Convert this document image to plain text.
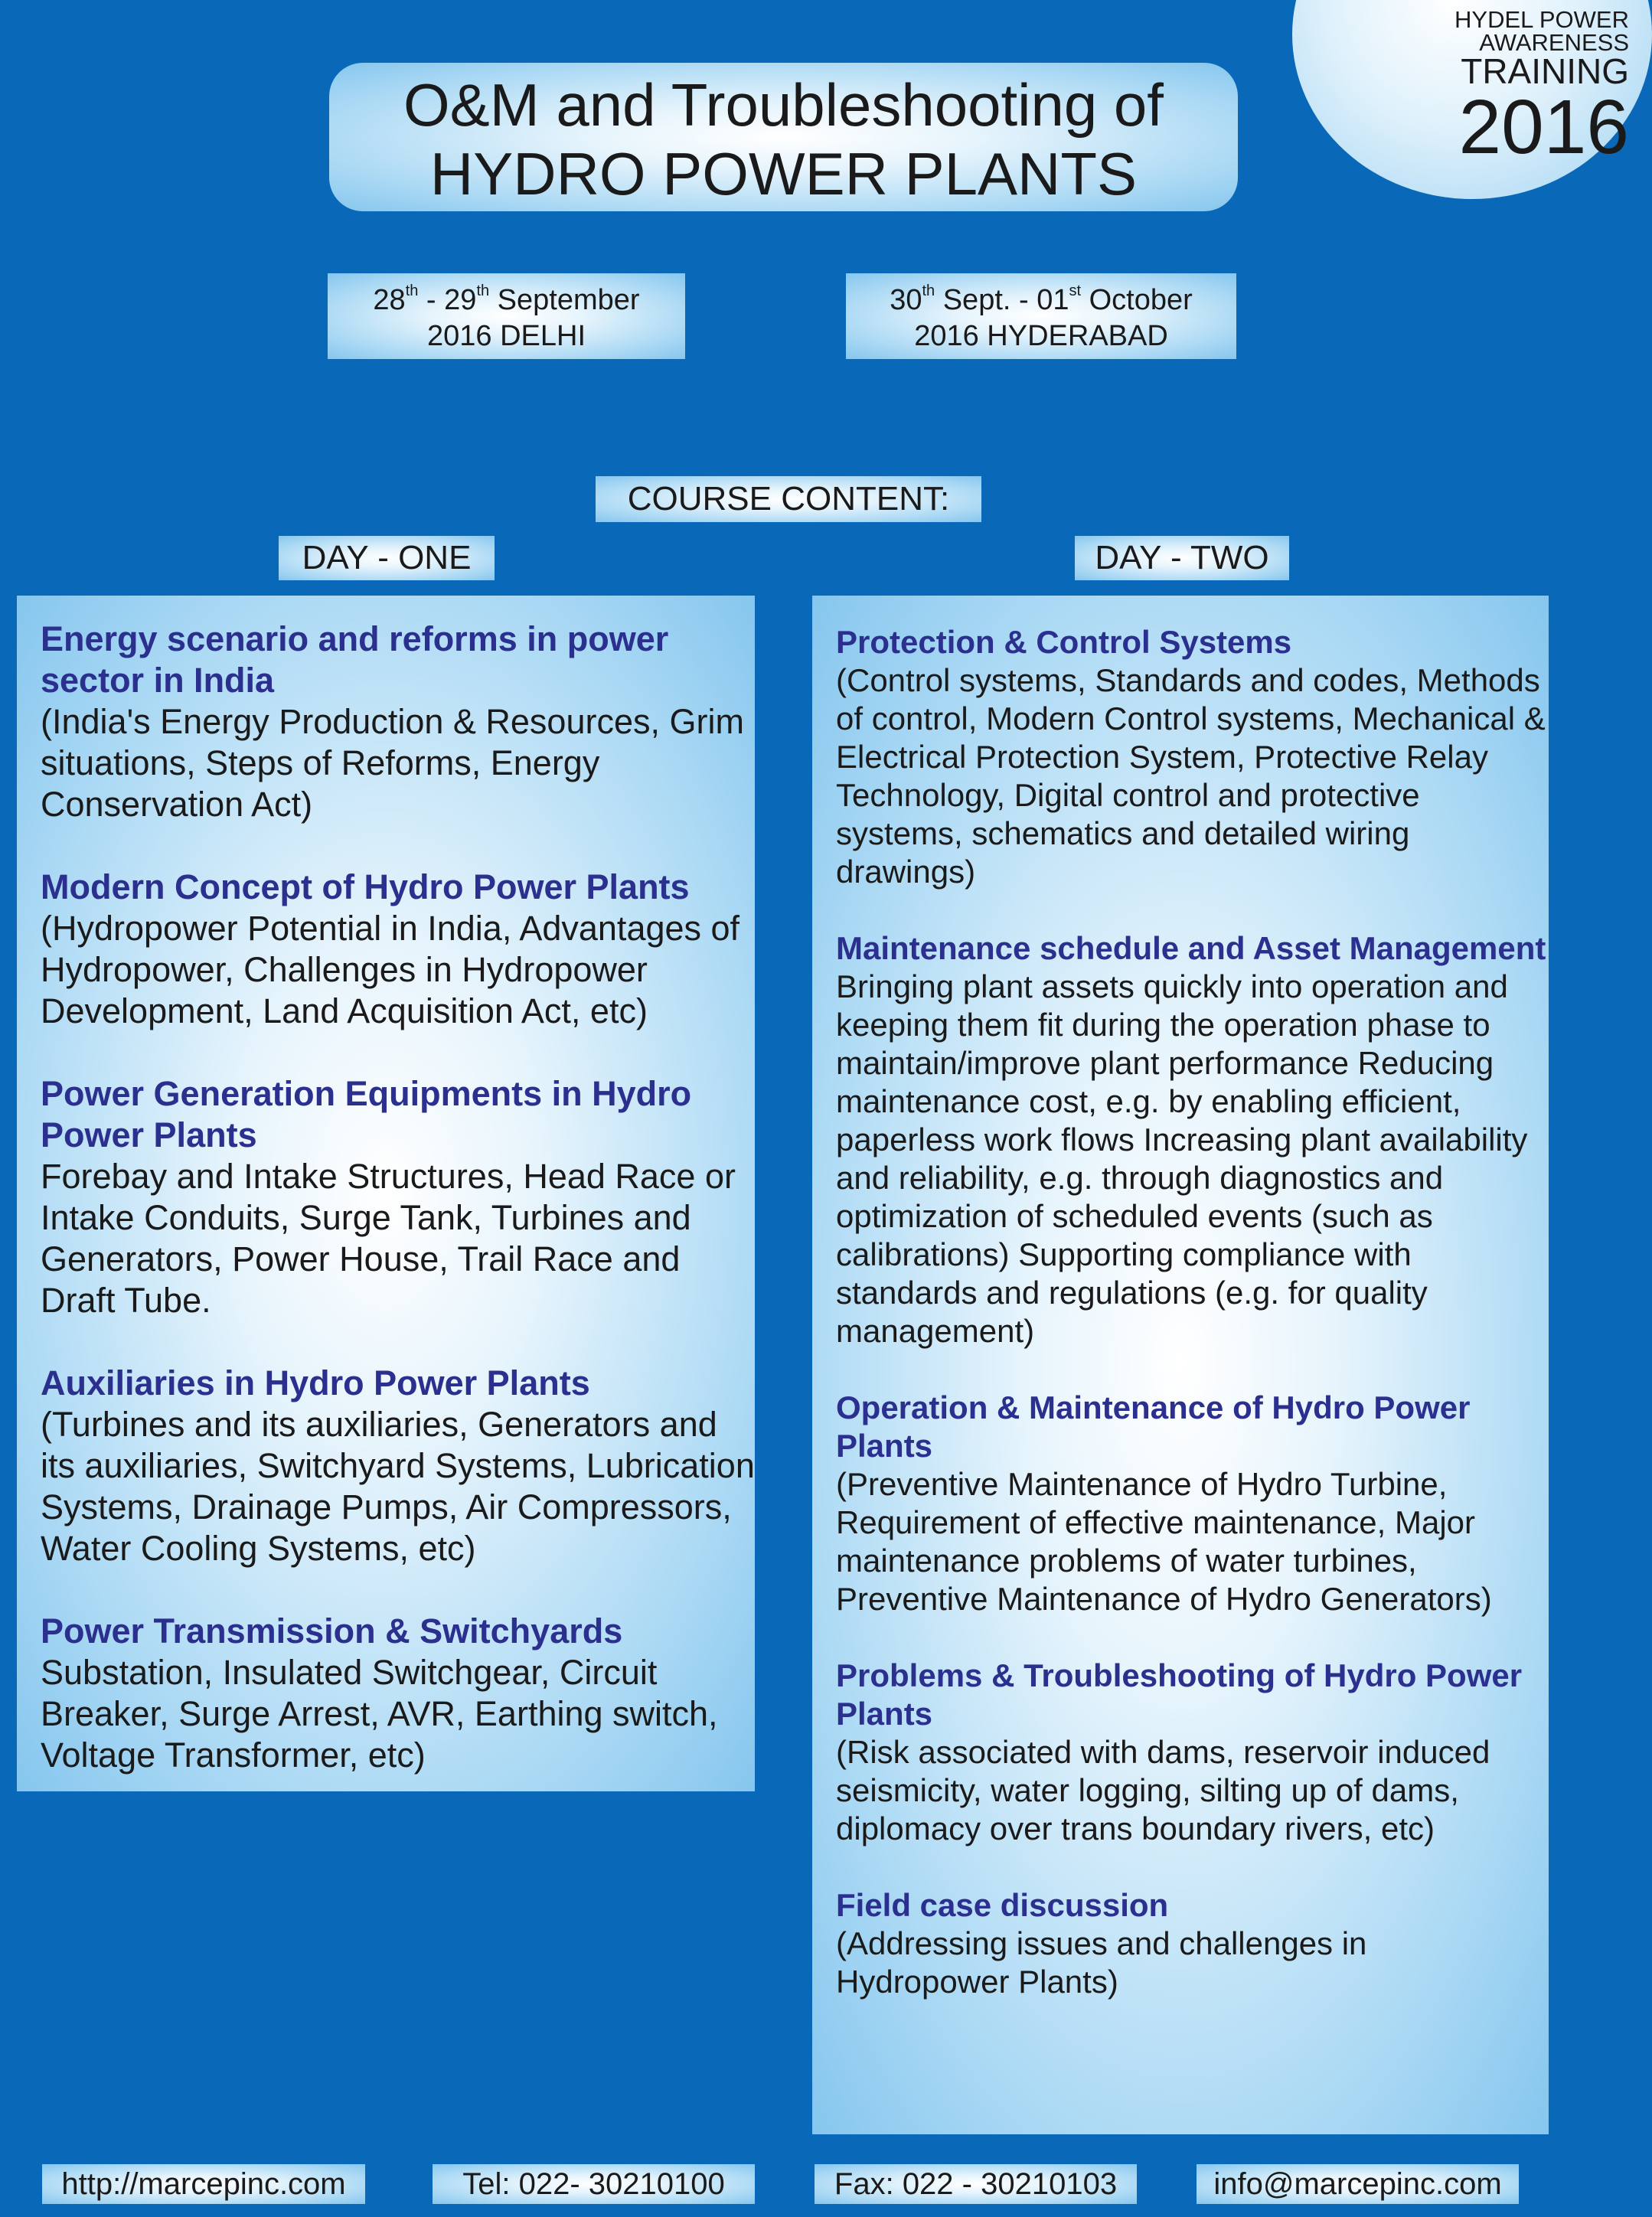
HYDEL POWER
AWARENESS
TRAINING
2016
O&M and Troubleshooting of
HYDRO POWER PLANTS
28th - 29th September
2016 DELHI
30th Sept. - 01st October
2016 HYDERABAD
COURSE CONTENT:
DAY - ONE	DAY - TWO
Energy scenario and reforms in power sector in India
(India's Energy Production & Resources, Grim situations, Steps of Reforms, Energy Conservation Act)
Modern Concept of Hydro Power Plants
(Hydropower Potential in India, Advantages of Hydropower, Challenges in Hydropower Development, Land Acquisition Act, etc)
Power Generation Equipments in Hydro Power Plants
Forebay and Intake Structures, Head Race or Intake Conduits, Surge Tank, Turbines and Generators, Power House, Trail Race and Draft Tube.
Auxiliaries in Hydro Power Plants
(Turbines and its auxiliaries, Generators and its auxiliaries, Switchyard Systems, Lubrication Systems, Drainage Pumps, Air Compressors, Water Cooling Systems, etc)
Power Transmission & Switchyards
Substation, Insulated Switchgear, Circuit Breaker, Surge Arrest, AVR, Earthing switch, Voltage Transformer, etc)
Protection & Control Systems
(Control systems, Standards and codes, Methods of control, Modern Control systems, Mechanical & Electrical Protection System, Protective Relay Technology, Digital control and protective systems, schematics and detailed wiring drawings)
Maintenance schedule and Asset Management
Bringing plant assets quickly into operation and keeping them fit during the operation phase to maintain/improve plant performance Reducing maintenance cost, e.g. by enabling efficient, paperless work flows Increasing plant availability and reliability, e.g. through diagnostics and optimization of scheduled events (such as calibrations) Supporting compliance with standards and regulations (e.g. for quality management)
Operation & Maintenance of Hydro Power Plants
(Preventive Maintenance of Hydro Turbine, Requirement of effective maintenance, Major maintenance problems of water turbines, Preventive Maintenance of Hydro Generators)
Problems & Troubleshooting of Hydro Power Plants
(Risk associated with dams, reservoir induced seismicity, water logging, silting up of dams, diplomacy over trans boundary rivers, etc)
Field case discussion
(Addressing issues and challenges in Hydropower Plants)
http://marcepinc.com	Tel: 022- 30210100	Fax: 022 - 30210103	info@marcepinc.com
